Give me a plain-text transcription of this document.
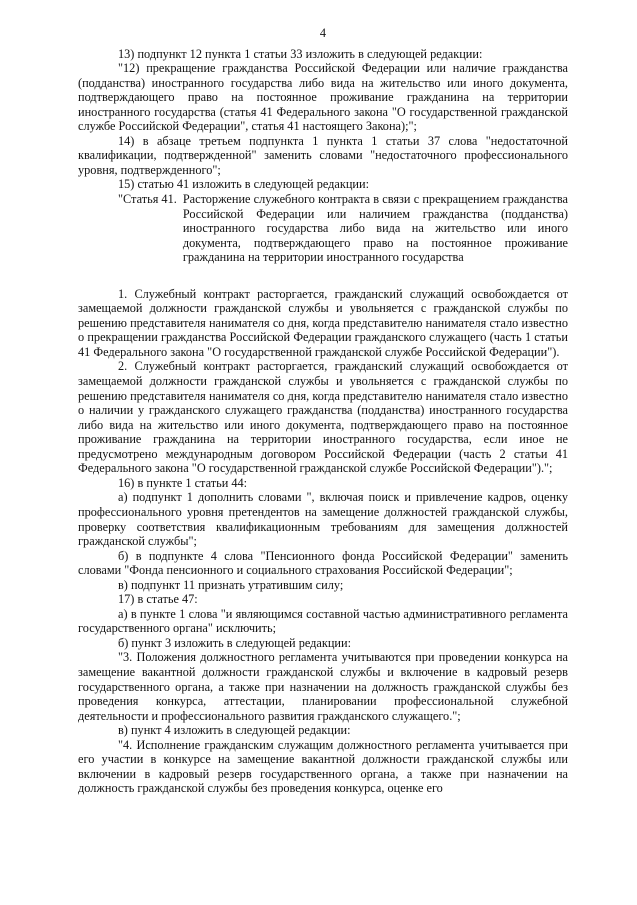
4

13) подпункт 12 пункта 1 статьи 33 изложить в следующей редакции:

"12) прекращение гражданства Российской Федерации или наличие гражданства (подданства) иностранного государства либо вида на жительство или иного документа, подтверждающего право на постоянное проживание гражданина на территории иностранного государства (статья 41 Федерального закона "О государственной гражданской службе Российской Федерации", статья 41 настоящего Закона);";

14) в абзаце третьем подпункта 1 пункта 1 статьи 37 слова "недостаточной квалификации, подтвержденной" заменить словами "недостаточного профессионального уровня, подтвержденного";

15) статью 41 изложить в следующей редакции:

"Статья 41. Расторжение служебного контракта в связи с прекращением гражданства Российской Федерации или наличием гражданства (подданства) иностранного государства либо вида на жительство или иного документа, подтверждающего право на постоянное проживание гражданина на территории иностранного государства

1. Служебный контракт расторгается, гражданский служащий освобождается от замещаемой должности гражданской службы и увольняется с гражданской службы по решению представителя нанимателя со дня, когда представителю нанимателя стало известно о прекращении гражданства Российской Федерации гражданского служащего (часть 1 статьи 41 Федерального закона "О государственной гражданской службе Российской Федерации").

2. Служебный контракт расторгается, гражданский служащий освобождается от замещаемой должности гражданской службы и увольняется с гражданской службы по решению представителя нанимателя со дня, когда представителю нанимателя стало известно о наличии у гражданского служащего гражданства (подданства) иностранного государства либо вида на жительство или иного документа, подтверждающего право на постоянное проживание гражданина на территории иностранного государства, если иное не предусмотрено международным договором Российской Федерации (часть 2 статьи 41 Федерального закона "О государственной гражданской службе Российской Федерации").";

16) в пункте 1 статьи 44:

а) подпункт 1 дополнить словами ", включая поиск и привлечение кадров, оценку профессионального уровня претендентов на замещение должностей гражданской службы, проверку соответствия квалификационным требованиям для замещения должностей гражданской службы";

б) в подпункте 4 слова "Пенсионного фонда Российской Федерации" заменить словами "Фонда пенсионного и социального страхования Российской Федерации";

в) подпункт 11 признать утратившим силу;

17) в статье 47:

а) в пункте 1 слова "и являющимся составной частью административного регламента государственного органа" исключить;

б) пункт 3 изложить в следующей редакции:

"3. Положения должностного регламента учитываются при проведении конкурса на замещение вакантной должности гражданской службы и включение в кадровый резерв государственного органа, а также при назначении на должность гражданской службы без проведения конкурса, аттестации, планировании профессиональной служебной деятельности и профессионального развития гражданского служащего.";

в) пункт 4 изложить в следующей редакции:

"4. Исполнение гражданским служащим должностного регламента учитывается при его участии в конкурсе на замещение вакантной должности гражданской службы или включении в кадровый резерв государственного органа, а также при назначении на должность гражданской службы без проведения конкурса, оценке его
